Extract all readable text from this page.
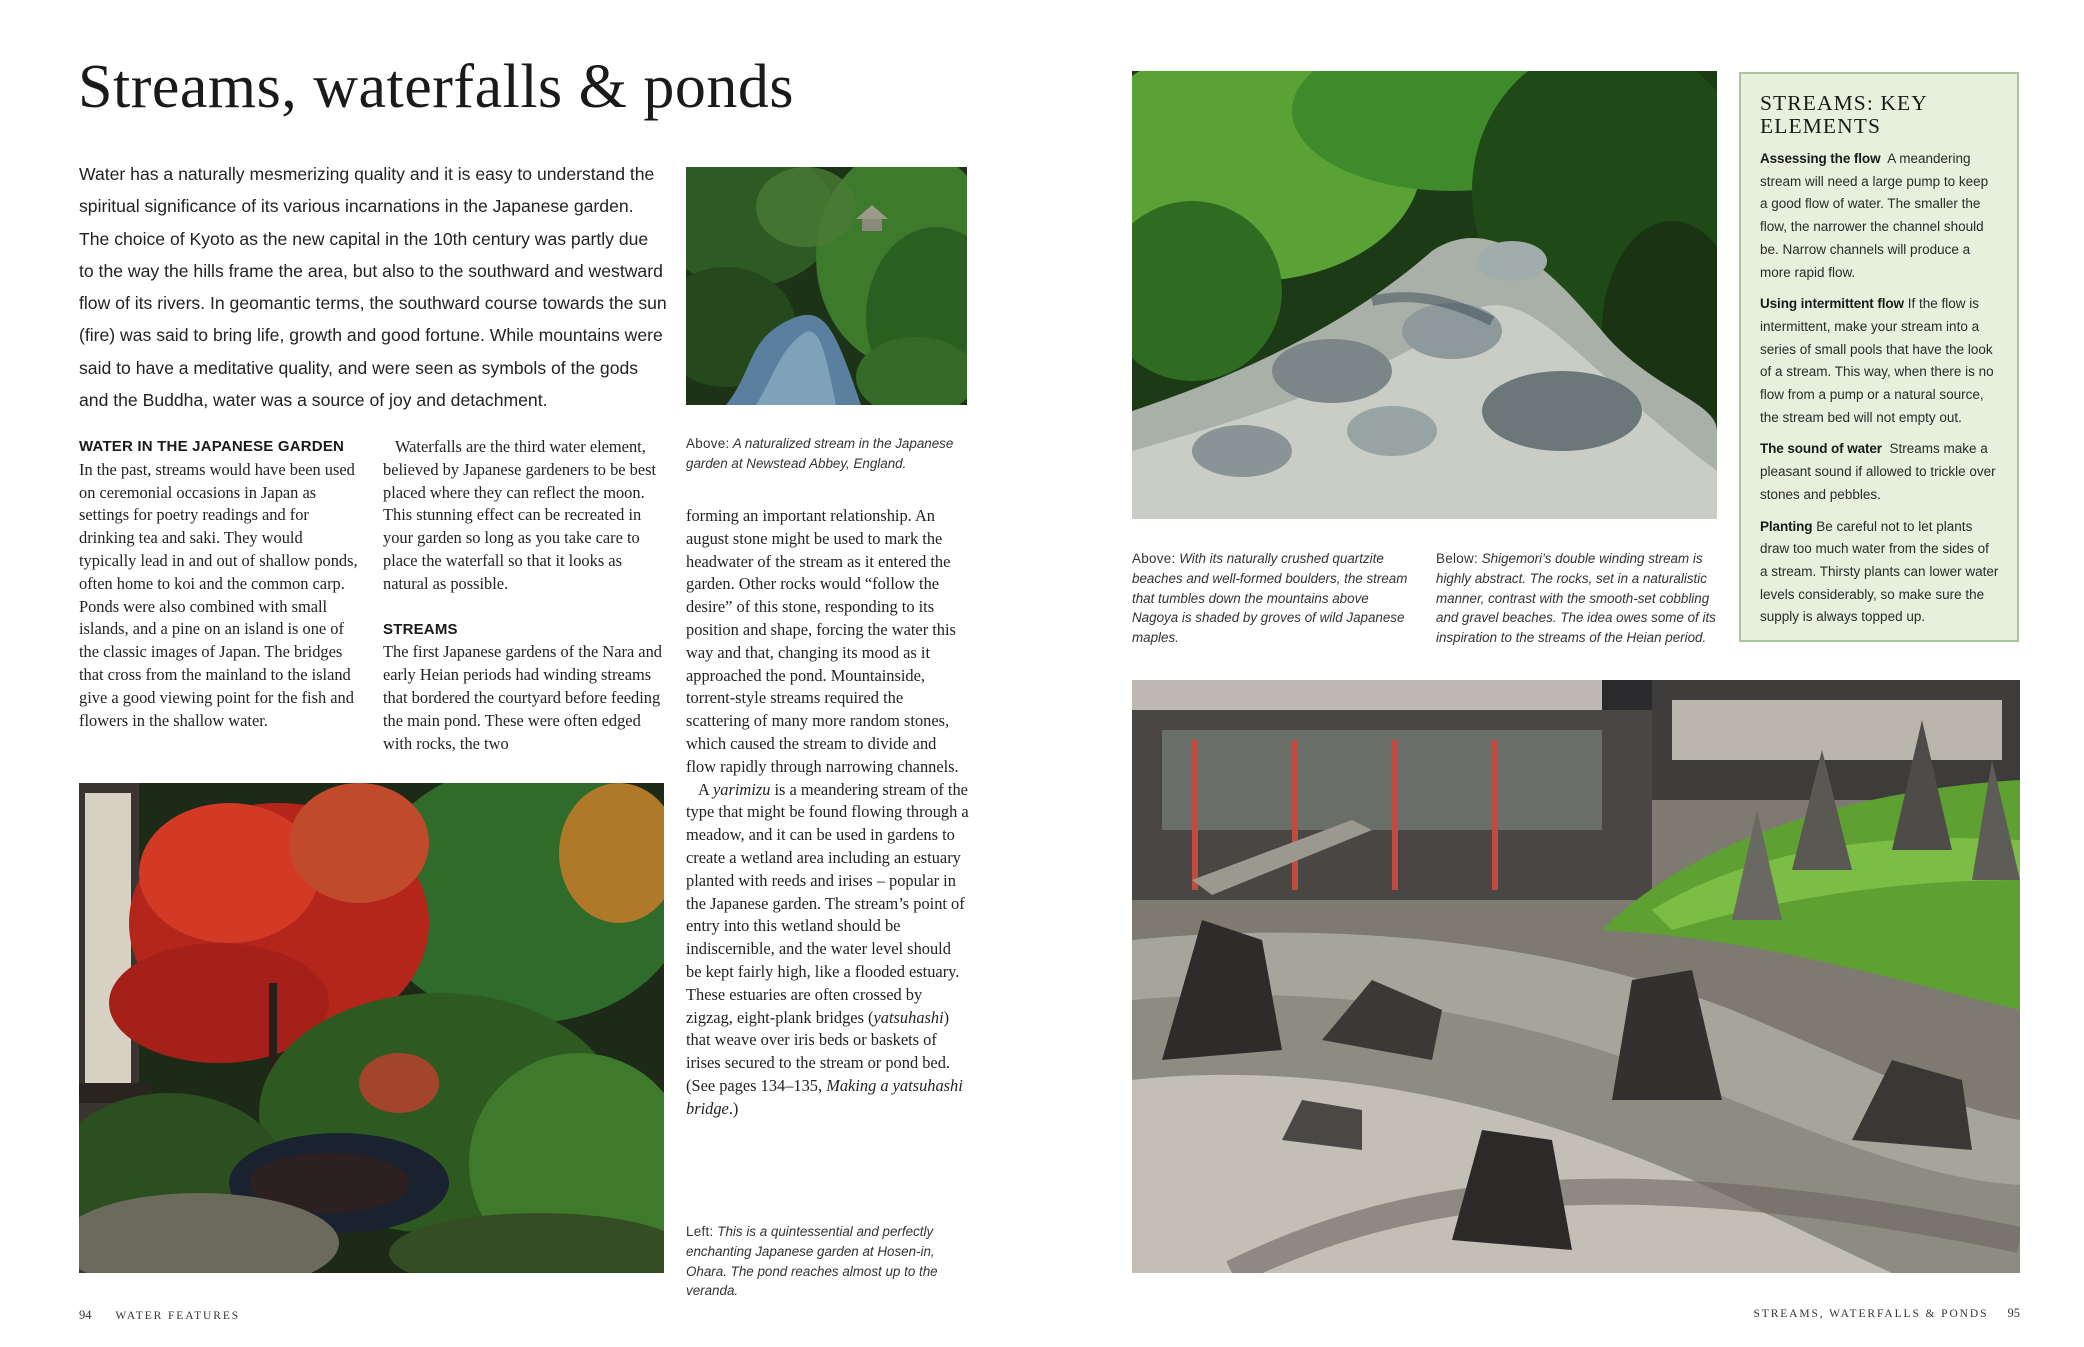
Streams, waterfalls & ponds

Water has a naturally mesmerizing quality and it is easy to understand the spiritual significance of its various incarnations in the Japanese garden. The choice of Kyoto as the new capital in the 10th century was partly due to the way the hills frame the area, but also to the southward and westward flow of its rivers. In geomantic terms, the southward course towards the sun (fire) was said to bring life, growth and good fortune. While mountains were said to have a meditative quality, and were seen as symbols of the gods and the Buddha, water was a source of joy and detachment.

Above: A naturalized stream in the Japanese garden at Newstead Abbey, England.

WATER IN THE JAPANESE GARDEN

In the past, streams would have been used on ceremonial occasions in Japan as settings for poetry readings and for drinking tea and saki. They would typically lead in and out of shallow ponds, often home to koi and the common carp. Ponds were also combined with small islands, and a pine on an island is one of the classic images of Japan. The bridges that cross from the mainland to the island give a good viewing point for the fish and flowers in the shallow water.

Waterfalls are the third water element, believed by Japanese gardeners to be best placed where they can reflect the moon. This stunning effect can be recreated in your garden so long as you take care to place the waterfall so that it looks as natural as possible.

STREAMS

The first Japanese gardens of the Nara and early Heian periods had winding streams that bordered the courtyard before feeding the main pond. These were often edged with rocks, the two

forming an important relationship. An august stone might be used to mark the headwater of the stream as it entered the garden. Other rocks would “follow the desire” of this stone, responding to its position and shape, forcing the water this way and that, changing its mood as it approached the pond. Mountainside, torrent-style streams required the scattering of many more random stones, which caused the stream to divide and flow rapidly through narrowing channels.

A yarimizu is a meandering stream of the type that might be found flowing through a meadow, and it can be used in gardens to create a wetland area including an estuary planted with reeds and irises – popular in the Japanese garden. The stream’s point of entry into this wetland should be indiscernible, and the water level should be kept fairly high, like a flooded estuary. These estuaries are often crossed by zigzag, eight-plank bridges (yatsuhashi) that weave over iris beds or baskets of irises secured to the stream or pond bed. (See pages 134–135, Making a yatsuhashi bridge.)

Left: This is a quintessential and perfectly enchanting Japanese garden at Hosen-in, Ohara. The pond reaches almost up to the veranda.

94 WATER FEATURES

Above: With its naturally crushed quartzite beaches and well-formed boulders, the stream that tumbles down the mountains above Nagoya is shaded by groves of wild Japanese maples.

Below: Shigemori’s double winding stream is highly abstract. The rocks, set in a naturalistic manner, contrast with the smooth-set cobbling and gravel beaches. The idea owes some of its inspiration to the streams of the Heian period.

STREAMS: KEY ELEMENTS

Assessing the flow A meandering stream will need a large pump to keep a good flow of water. The smaller the flow, the narrower the channel should be. Narrow channels will produce a more rapid flow.

Using intermittent flow If the flow is intermittent, make your stream into a series of small pools that have the look of a stream. This way, when there is no flow from a pump or a natural source, the stream bed will not empty out.

The sound of water Streams make a pleasant sound if allowed to trickle over stones and pebbles.

Planting Be careful not to let plants draw too much water from the sides of a stream. Thirsty plants can lower water levels considerably, so make sure the supply is always topped up.

STREAMS, WATERFALLS & PONDS 95
